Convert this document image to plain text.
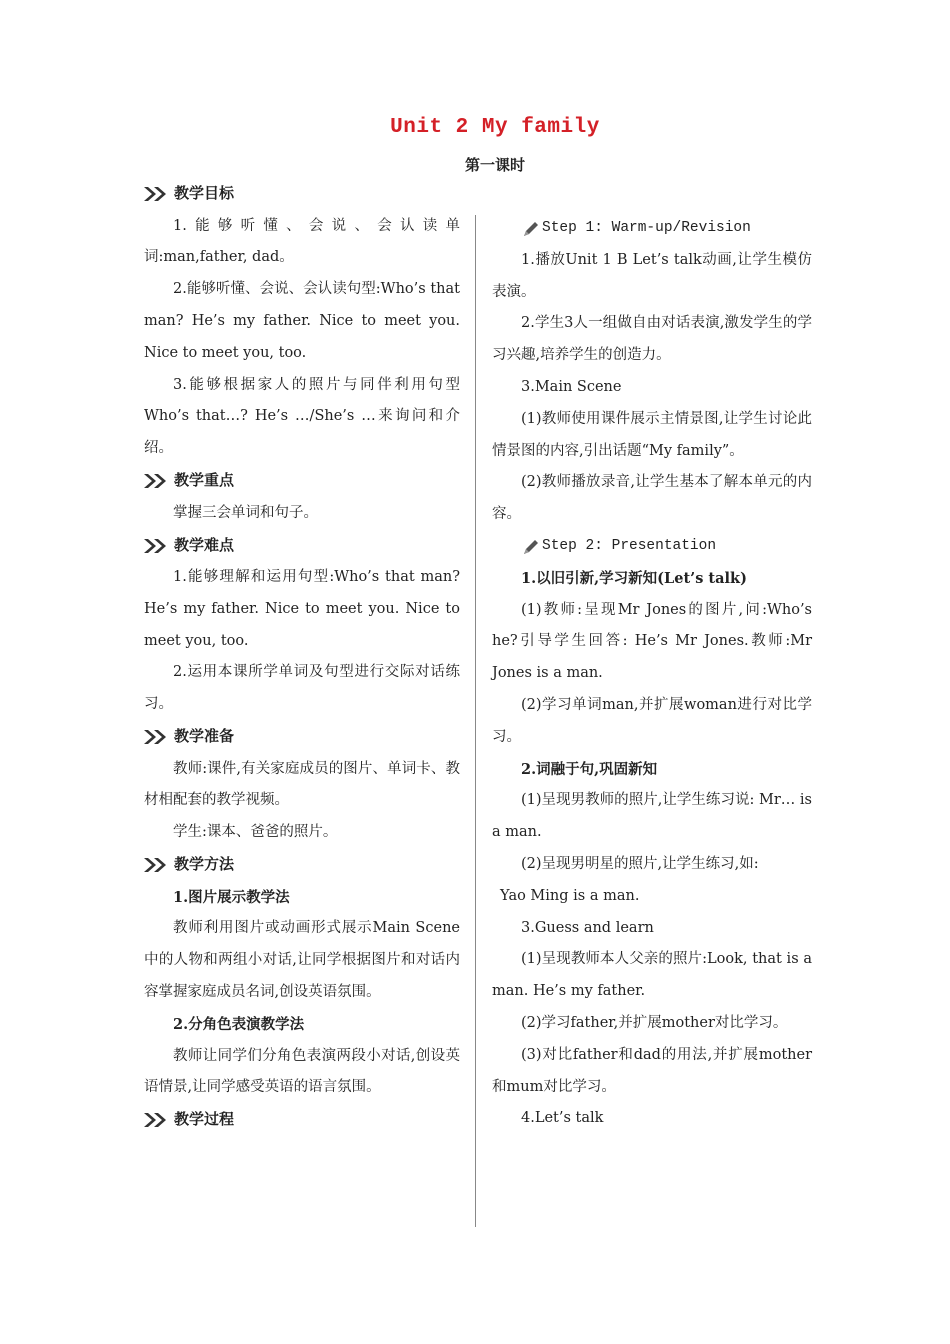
Unit 2 My family
第一课时
教学目标

1.能够听懂、会说、会认读单词:man,father, dad。

2.能够听懂、会说、会认读句型:Who’s that man? He’s my father. Nice to meet you. Nice to meet you, too.

3.能够根据家人的照片与同伴利用句型Who’s that…? He’s …/She’s …来询问和介绍。

教学重点

掌握三会单词和句子。

教学难点

1.能够理解和运用句型:Who’s that man? He’s my father. Nice to meet you. Nice to meet you, too.

2.运用本课所学单词及句型进行交际对话练习。

教学准备

教师:课件,有关家庭成员的图片、单词卡、教材相配套的教学视频。

学生:课本、爸爸的照片。

教学方法

1.图片展示教学法

教师利用图片或动画形式展示Main Scene 中的人物和两组小对话,让同学根据图片和对话内容掌握家庭成员名词,创设英语氛围。

2.分角色表演教学法

教师让同学们分角色表演两段小对话,创设英语情景,让同学感受英语的语言氛围。

教学过程
Step 1: Warm-up/Revision

1.播放Unit 1 B Let’s talk动画,让学生模仿表演。

2.学生3人一组做自由对话表演,激发学生的学习兴趣,培养学生的创造力。

3.Main Scene

(1)教师使用课件展示主情景图,让学生讨论此情景图的内容,引出话题“My family”。

(2)教师播放录音,让学生基本了解本单元的内容。

Step 2: Presentation

1.以旧引新,学习新知(Let’s talk)

(1)教师:呈现Mr Jones的图片,问:Who’s he?引导学生回答: He’s Mr Jones.教师:Mr Jones is a man.

(2)学习单词man,并扩展woman进行对比学习。

2.词融于句,巩固新知

(1)呈现男教师的照片,让学生练习说: Mr… is a man.

(2)呈现男明星的照片,让学生练习,如:

Yao Ming is a man.

3.Guess and learn

(1)呈现教师本人父亲的照片:Look, that is a man. He’s my father.

(2)学习father,并扩展mother对比学习。

(3)对比father和dad的用法,并扩展mother和mum对比学习。

4.Let’s talk
